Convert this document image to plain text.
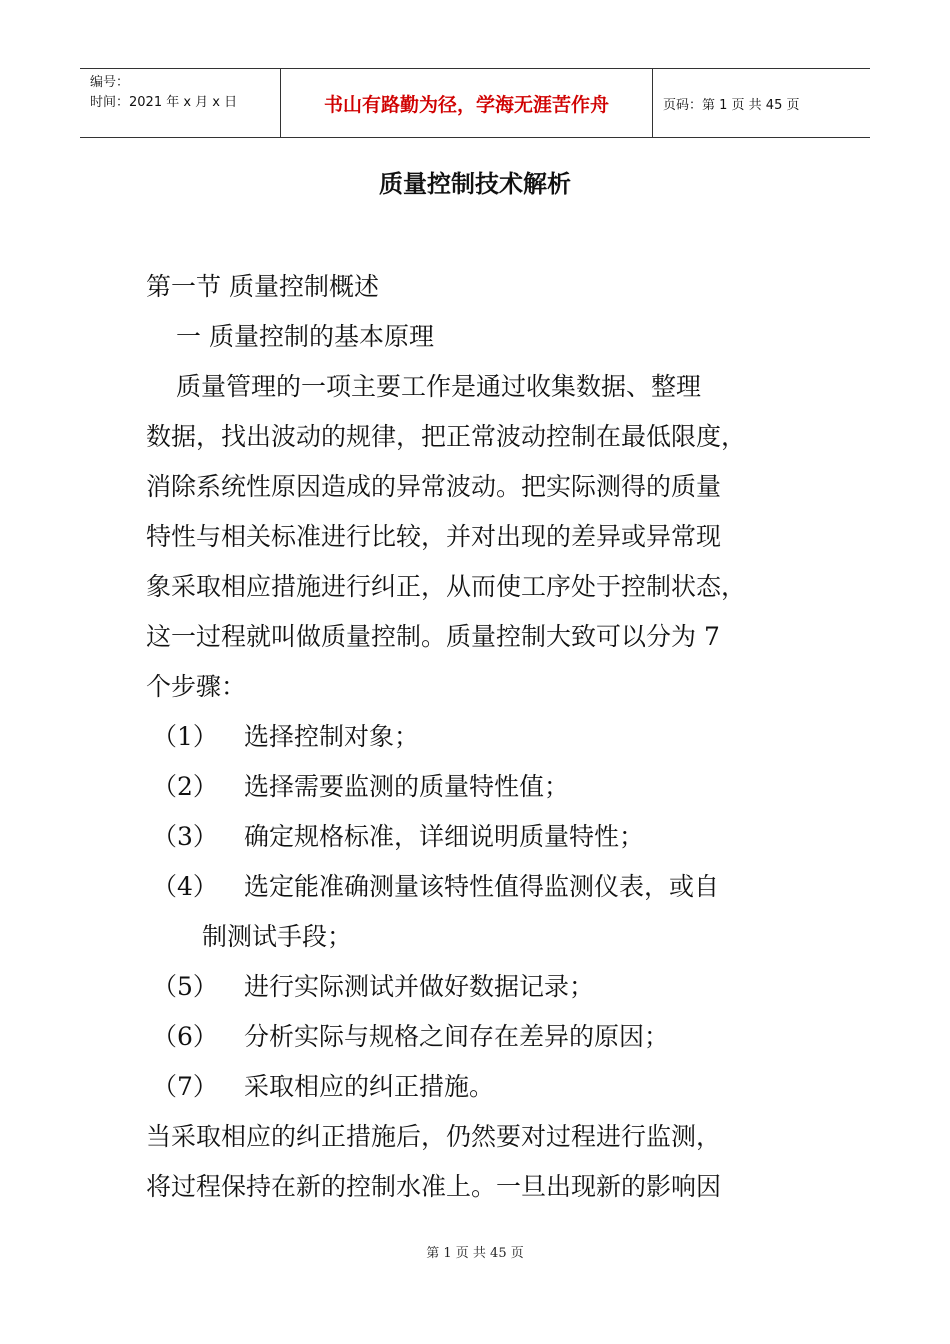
编号：
时间：2021 年 x 月 x 日	书山有路勤为径，学海无涯苦作舟	页码：第 1 页 共 45 页
质量控制技术解析
第一节 质量控制概述
一 质量控制的基本原理
质量管理的一项主要工作是通过收集数据、整理
数据，找出波动的规律，把正常波动控制在最低限度，
消除系统性原因造成的异常波动。把实际测得的质量
特性与相关标准进行比较，并对出现的差异或异常现
象采取相应措施进行纠正，从而使工序处于控制状态，
这一过程就叫做质量控制。质量控制大致可以分为 7
个步骤：
（1）	选择控制对象；
（2）	选择需要监测的质量特性值；
（3）	确定规格标准，详细说明质量特性；
（4）	选定能准确测量该特性值得监测仪表，或自
制测试手段；
（5）	进行实际测试并做好数据记录；
（6）	分析实际与规格之间存在差异的原因；
（7）	采取相应的纠正措施。
当采取相应的纠正措施后，仍然要对过程进行监测，
将过程保持在新的控制水准上。一旦出现新的影响因
第 1 页 共 45 页
